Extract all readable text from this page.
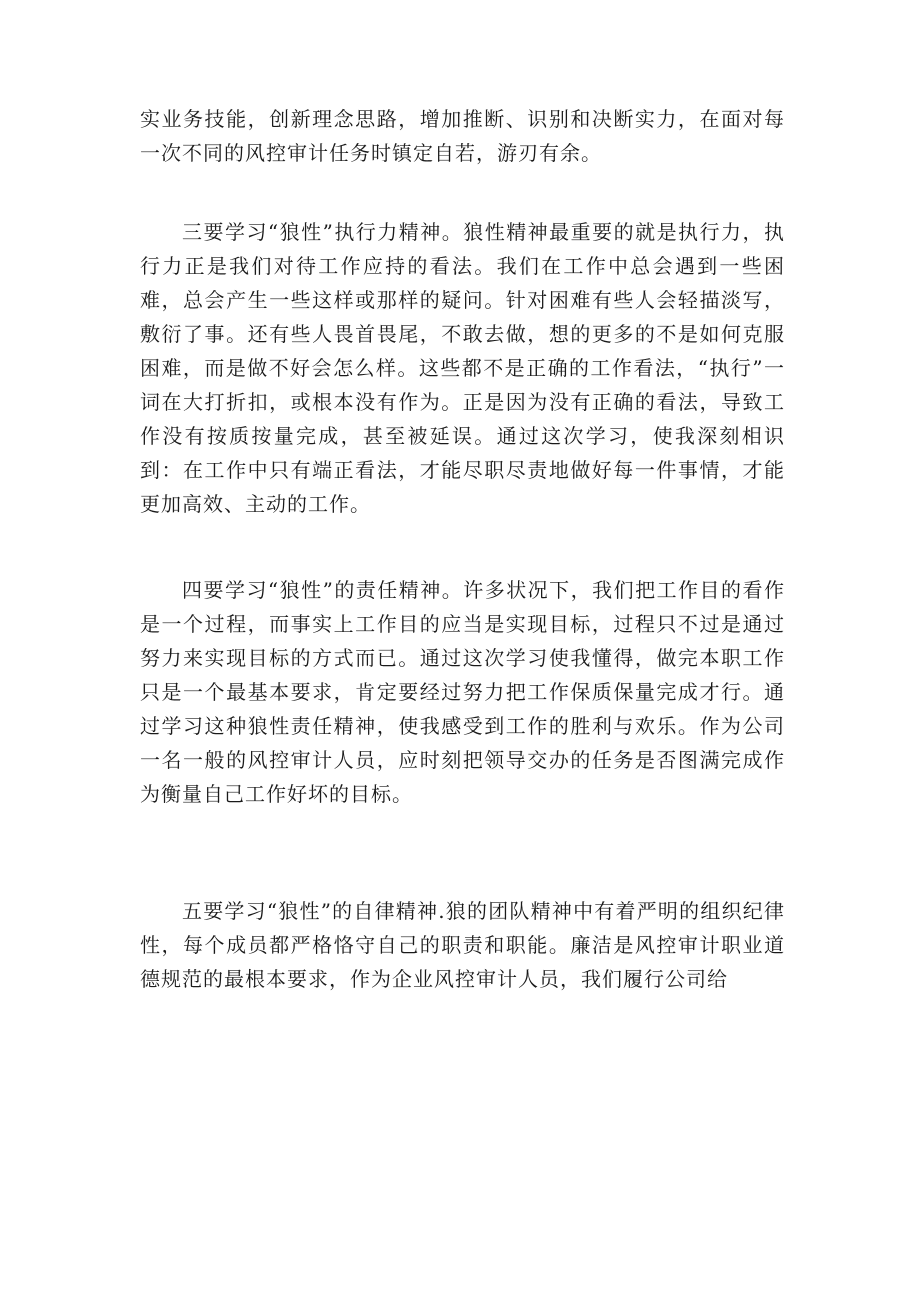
实业务技能，创新理念思路，增加推断、识别和决断实力，在面对每一次不同的风控审计任务时镇定自若，游刃有余。

三要学习“狼性”执行力精神。狼性精神最重要的就是执行力，执行力正是我们对待工作应持的看法。我们在工作中总会遇到一些困难，总会产生一些这样或那样的疑问。针对困难有些人会轻描淡写，敷衍了事。还有些人畏首畏尾，不敢去做，想的更多的不是如何克服困难，而是做不好会怎么样。这些都不是正确的工作看法，“执行”一词在大打折扣，或根本没有作为。正是因为没有正确的看法，导致工作没有按质按量完成，甚至被延误。通过这次学习，使我深刻相识到：在工作中只有端正看法，才能尽职尽责地做好每一件事情，才能更加高效、主动的工作。

四要学习“狼性”的责任精神。许多状况下，我们把工作目的看作是一个过程，而事实上工作目的应当是实现目标，过程只不过是通过努力来实现目标的方式而已。通过这次学习使我懂得，做完本职工作只是一个最基本要求，肯定要经过努力把工作保质保量完成才行。通过学习这种狼性责任精神，使我感受到工作的胜利与欢乐。作为公司一名一般的风控审计人员，应时刻把领导交办的任务是否图满完成作为衡量自己工作好坏的目标。

五要学习“狼性”的自律精神.狼的团队精神中有着严明的组织纪律性，每个成员都严格恪守自己的职责和职能。廉洁是风控审计职业道德规范的最根本要求，作为企业风控审计人员，我们履行公司给
